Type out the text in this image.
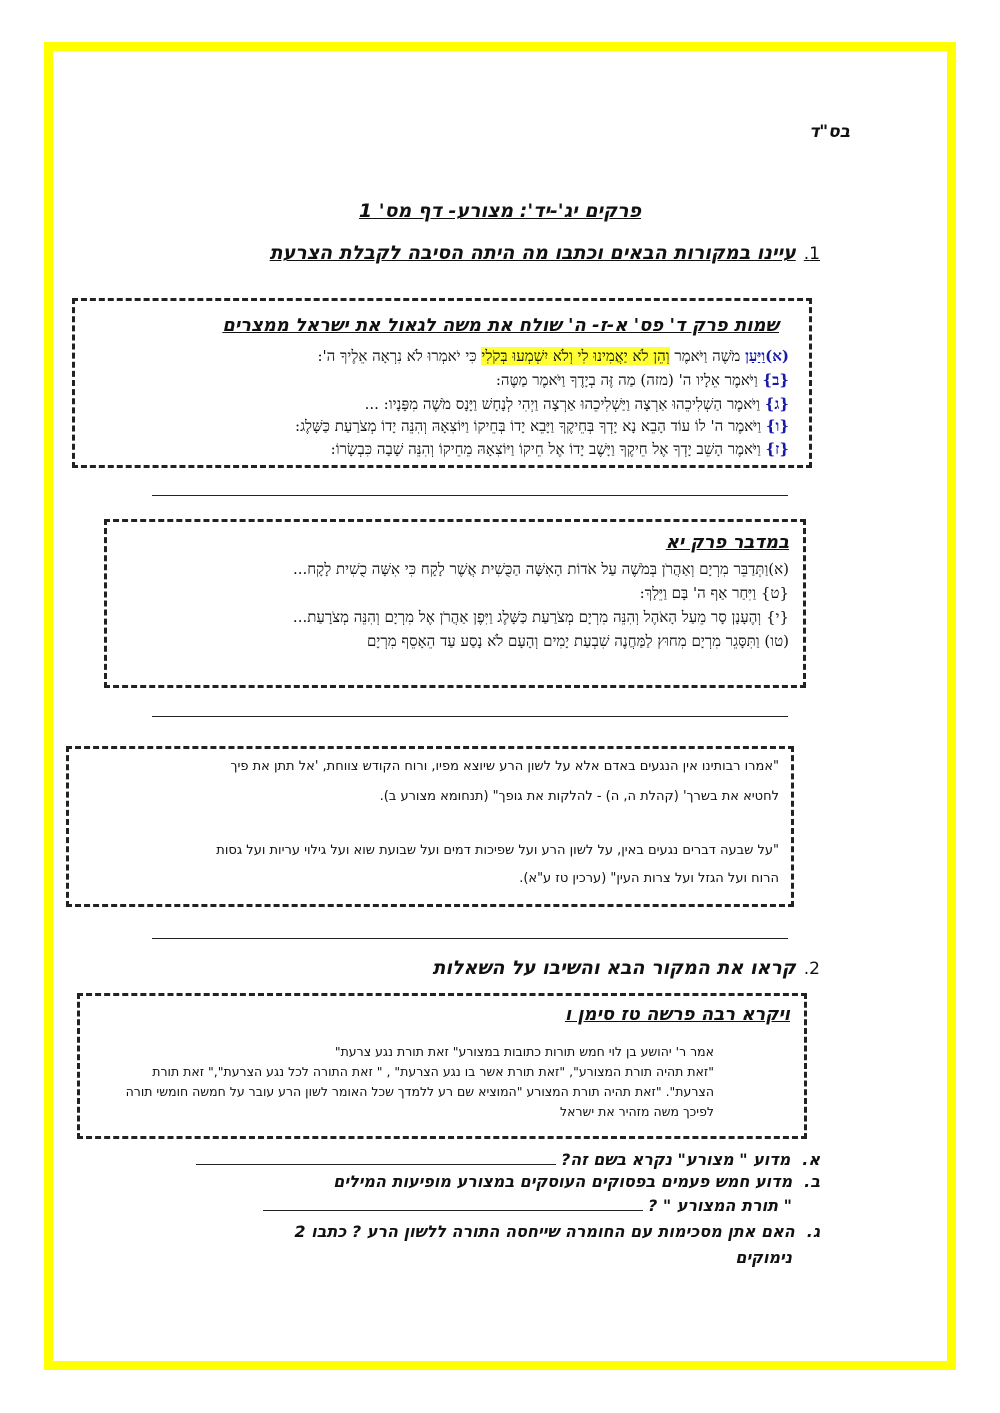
בס"ד
פרקים יג'-יד': מצורע- דף מס' 1
1.עיינו במקורות הבאים וכתבו מה היתה הסיבה לקבלת הצרעת
שמות פרק ד' פס' א-ז- ה' שולח את משה לגאול את ישראל ממצרים
(א)וַיַּעַן מֹשֶׁה וַיֹּאמֶר וְהֵן לֹא יַאֲמִינוּ לִי וְלֹא יִשְׁמְעוּ בְּקֹלִי כִּי יֹאמְרוּ לֹא נִרְאָה אֵלֶיךָ ה':
{ב} וַיֹּאמֶר אֵלָיו ה' (מזה) מַה זֶּה בְיָדֶךָ וַיֹּאמֶר מַטֶּה:
{ג} וַיֹּאמֶר הַשְׁלִיכֵהוּ אַרְצָה וַיַּשְׁלִיכֵהוּ אַרְצָה וַיְהִי לְנָחָשׁ וַיָּנָס מֹשֶׁה מִפָּנָיו: ...
{ו} וַיֹּאמֶר ה' לוֹ עוֹד הָבֵא נָא יָדְךָ בְּחֵיקֶךָ וַיָּבֵא יָדוֹ בְּחֵיקוֹ וַיּוֹצִאָהּ וְהִנֵּה יָדוֹ מְצֹרַעַת כַּשָּׁלֶג:
{ז} וַיֹּאמֶר הָשֵׁב יָדְךָ אֶל חֵיקֶךָ וַיָּשֶׁב יָדוֹ אֶל חֵיקוֹ וַיּוֹצִאָהּ מֵחֵיקוֹ וְהִנֵּה שָׁבָה כִּבְשָׂרוֹ:
במדבר פרק יא
(א)וַתְּדַבֵּר מִרְיָם וְאַהֲרֹן בְּמֹשֶׁה עַל אֹדוֹת הָאִשָּׁה הַכֻּשִׁית אֲשֶׁר לָקָח כִּי אִשָּׁה כֻשִׁית לָקָח...
{ט} וַיִּחַר אַף ה' בָּם וַיֵּלַךְ:
{י} וְהֶעָנָן סָר מֵעַל הָאֹהֶל וְהִנֵּה מִרְיָם מְצֹרַעַת כַּשָּׁלֶג וַיִּפֶן אַהֲרֹן אֶל מִרְיָם וְהִנֵּה מְצֹרָעַת...
(טו) וַתִּסָּגֵר מִרְיָם מִחוּץ לַמַּחֲנֶה שִׁבְעַת יָמִים וְהָעָם לֹא נָסַע עַד הֵאָסֵף מִרְיָם
"אמרו רבותינו אין הנגעים באדם אלא על לשון הרע שיוצא מפיו, ורוח הקודש צווחת, 'אל תתן את פיך
לחטיא את בשרך' (קהלת ה, ה) - להלקות את גופך" (תנחומא מצורע ב).
"על שבעה דברים נגעים באין, על לשון הרע ועל שפיכות דמים ועל שבועת שוא ועל גילוי עריות ועל גסות
הרוח ועל הגזל ועל צרות העין" (ערכין טז ע"א).
2.קראו את המקור הבא והשיבו על השאלות
ויקרא רבה פרשה טז סימן ו
אמר ר' יהושע בן לוי חמש תורות כתובות במצורע" זאת תורת נגע צרעת"
"זאת תהיה תורת המצורע", "זאת תורת אשר בו נגע הצרעת" , " זאת התורה לכל נגע הצרעת"," זאת תורת
הצרעת". "זאת תהיה תורת המצורע "המוציא שם רע ללמדך שכל האומר לשון הרע עובר על חמשה חומשי תורה
לפיכך משה מזהיר את ישראל
א.מדוע " מצורע" נקרא בשם זה?
ב.מדוע חמש פעמים בפסוקים העוסקים במצורע מופיעות המילים
" תורת המצורע " ?
ג.האם אתן מסכימות עם החומרה שייחסה התורה ללשון הרע ? כתבו 2
נימוקים
